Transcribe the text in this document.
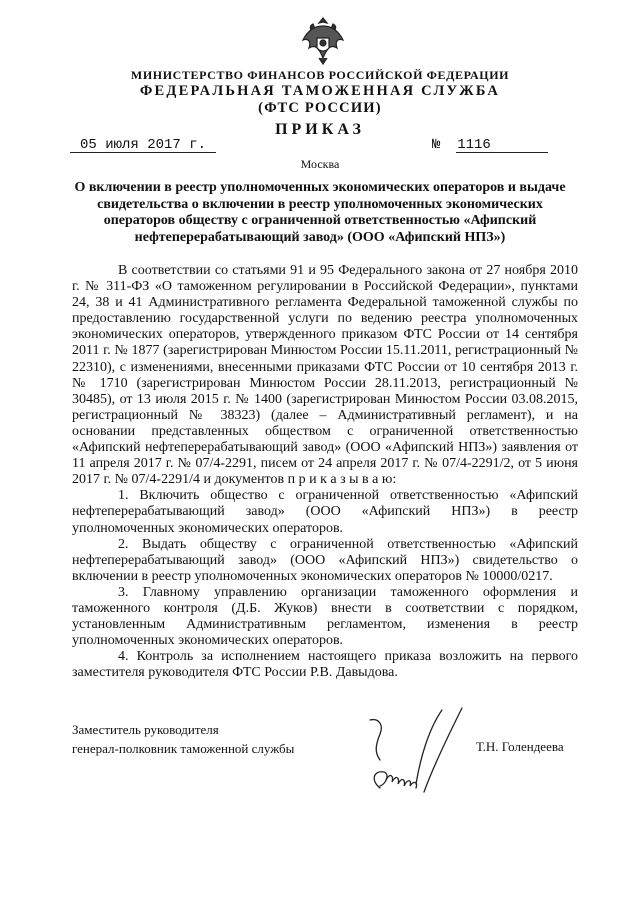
МИНИСТЕРСТВО ФИНАНСОВ РОССИЙСКОЙ ФЕДЕРАЦИИ
ФЕДЕРАЛЬНАЯ ТАМОЖЕННАЯ СЛУЖБА
(ФТС РОССИИ)
ПРИКАЗ
05 июля 2017 г.	№ 1116
Москва
О включении в реестр уполномоченных экономических операторов и выдаче свидетельства о включении в реестр уполномоченных экономических операторов обществу с ограниченной ответственностью «Афипский нефтеперерабатывающий завод» (ООО «Афипский НПЗ»)

В соответствии со статьями 91 и 95 Федерального закона от 27 ноября 2010 г. № 311-ФЗ «О таможенном регулировании в Российской Федерации», пунктами 24, 38 и 41 Административного регламента Федеральной таможенной службы по предоставлению государственной услуги по ведению реестра уполномоченных экономических операторов, утвержденного приказом ФТС России от 14 сентября 2011 г. № 1877 (зарегистрирован Минюстом России 15.11.2011, регистрационный № 22310), с изменениями, внесенными приказами ФТС России от 10 сентября 2013 г. № 1710 (зарегистрирован Минюстом России 28.11.2013, регистрационный № 30485), от 13 июля 2015 г. № 1400 (зарегистрирован Минюстом России 03.08.2015, регистрационный № 38323) (далее – Административный регламент), и на основании представленных обществом с ограниченной ответственностью «Афипский нефтеперерабатывающий завод» (ООО «Афипский НПЗ») заявления от 11 апреля 2017 г. № 07/4-2291, писем от 24 апреля 2017 г. № 07/4-2291/2, от 5 июня 2017 г. № 07/4-2291/4 и документов п р и к а з ы в а ю:

1. Включить общество с ограниченной ответственностью «Афипский нефтеперерабатывающий завод» (ООО «Афипский НПЗ») в реестр уполномоченных экономических операторов.

2. Выдать обществу с ограниченной ответственностью «Афипский нефтеперерабатывающий завод» (ООО «Афипский НПЗ») свидетельство о включении в реестр уполномоченных экономических операторов № 10000/0217.

3. Главному управлению организации таможенного оформления и таможенного контроля (Д.Б. Жуков) внести в соответствии с порядком, установленным Административным регламентом, изменения в реестр уполномоченных экономических операторов.

4. Контроль за исполнением настоящего приказа возложить на первого заместителя руководителя ФТС России Р.В. Давыдова.

Заместитель руководителя
генерал-полковник таможенной службы	Т.Н. Голендеева
